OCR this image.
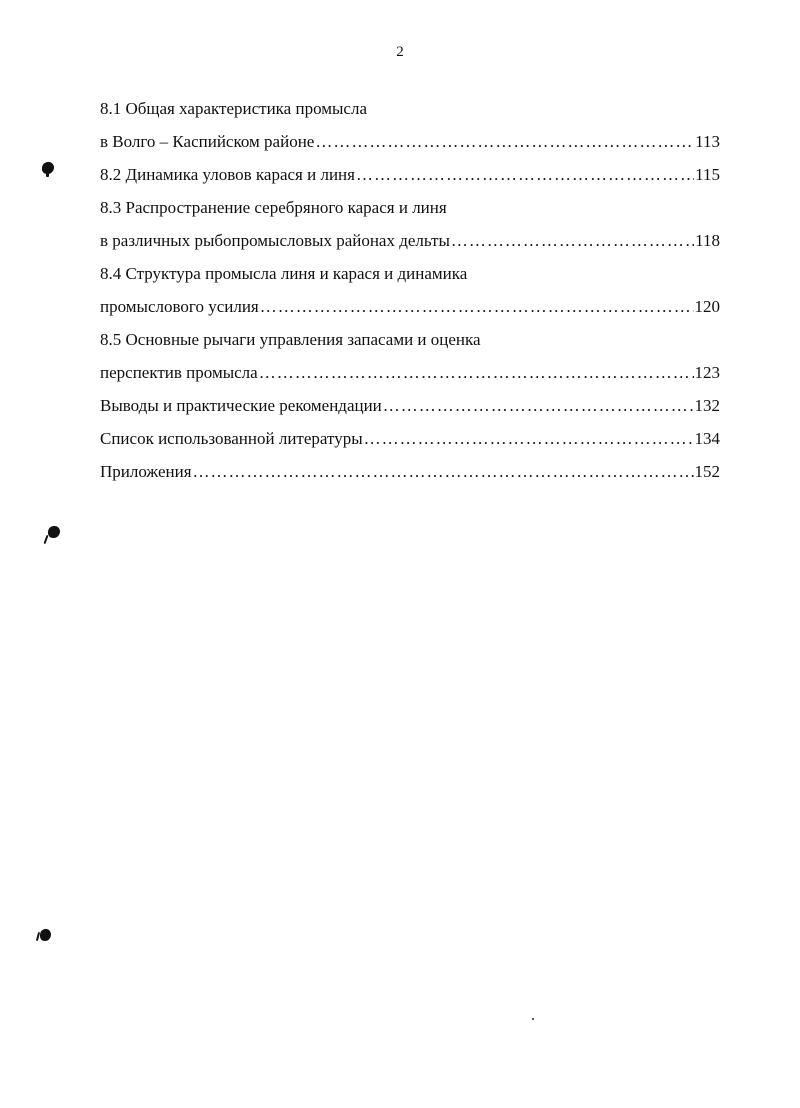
2
8.1 Общая характеристика промысла
в Волго – Каспийском районе …………………………………………………………………………………………………………………………………………………………………	113
8.2 Динамика уловов карася и линя …………………………………………………………………………………………………………………………………………………………………	115
8.3 Распространение серебряного карася и линя
в различных рыбопромысловых районах дельты …………………………………………………………………………………………………………………………………………………………………	118
8.4 Структура промысла линя и карася и динамика
промыслового усилия …………………………………………………………………………………………………………………………………………………………………	120
8.5 Основные рычаги управления запасами и оценка
перспектив промысла …………………………………………………………………………………………………………………………………………………………………	123
Выводы и практические рекомендации …………………………………………………………………………………………………………………………………………………………………	132
Список использованной литературы …………………………………………………………………………………………………………………………………………………………………	134
Приложения …………………………………………………………………………………………………………………………………………………………………	152
